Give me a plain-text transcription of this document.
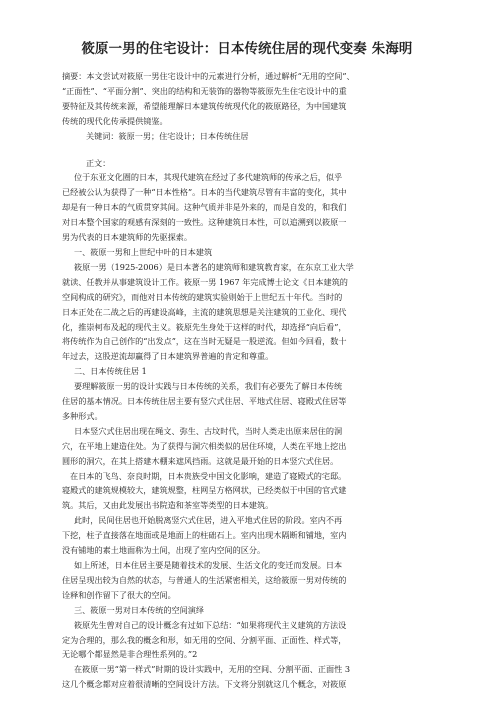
筱原一男的住宅设计：日本传统住居的现代变奏 朱海明

摘要：本文尝试对筱原一男住宅设计中的元素进行分析，通过解析“无用的空间”、
“正面性”、“平面分割”、突出的结构和无装饰的器物等筱原先生住宅设计中的重
要特征及其传统来源，希望能理解日本建筑传统现代化的筱原路径，为中国建筑
传统的现代化传承提供镜鉴。

关键词：筱原一男；住宅设计；日本传统住居

正文：

位于东亚文化圈的日本，其现代建筑在经过了多代建筑师的传承之后，似乎
已经被公认为获得了一种“日本性格”。日本的当代建筑尽管有丰富的变化，其中
却是有一种日本的气质贯穿其间。这种气质并非是外来的，而是自发的，和我们
对日本整个国家的观感有深刻的一致性。这种建筑日本性，可以追溯到以筱原一
男为代表的日本建筑师的先驱探索。

一、筱原一男和上世纪中叶的日本建筑

筱原一男（1925-2006）是日本著名的建筑师和建筑教育家，在东京工业大学
就读、任教并从事建筑设计工作。筱原一男 1967 年完成博士论文《日本建筑的
空间构成的研究》，而他对日本传统的建筑实验则始于上世纪五十年代。当时的
日本正处在二战之后的再建设高峰，主流的建筑思想是关注建筑的工业化、现代
化，推崇柯布及起的现代主义。筱原先生身处于这样的时代，却选择“向后看”，
将传统作为自己创作的“出发点”，这在当时无疑是一股逆流。但如今回看，数十
年过去，这股逆流却赢得了日本建筑界普遍的肯定和尊重。

二、日本传统住居 1

要理解筱原一男的设计实践与日本传统的关系，我们有必要先了解日本传统
住居的基本情况。日本传统住居主要有竖穴式住居、平地式住居、寝殿式住居等
多种形式。

日本竖穴式住居出现在绳文、弥生、古坟时代，当时人类走出原来居住的洞
穴，在平地上建造住处。为了获得与洞穴相类似的居住环境，人类在平地上挖出
圆形的洞穴，在其上搭建木棚来遮风挡雨。这就是最开始的日本竖穴式住居。

在日本的飞鸟、奈良时期，日本贵族受中国文化影响，建造了寝殿式的宅邸。
寝殿式的建筑规模较大，建筑规整，柱网呈方格网状，已经类似于中国的官式建
筑。其后，又由此发展出书院造和茶室等类型的日本建筑。

此时，民间住居也开始脱离竖穴式住居，进入平地式住居的阶段。室内不再
下挖，柱子直接落在地面或是地面上的柱础石上。室内出现木隔断和铺地，室内
没有铺地的素土地面称为土间，出现了室内空间的区分。

如上所述，日本住居主要是随着技术的发展、生活文化的变迁而发展。日本
住居呈现出较为自然的状态，与普通人的生活紧密相关，这给筱原一男对传统的
诠释和创作留下了很大的空间。

三、筱原一男对日本传统的空间演绎

筱原先生曾对自己的设计概念有过如下总结：“如果将现代主义建筑的方法设
定为合理的，那么我的概念和形，如无用的空间、分割平面、正面性、样式等，
无论哪个都显然是非合理性系列的。”2

在筱原一男“第一样式”时期的设计实践中，无用的空间、分割平面、正面性 3
这几个概念都对应着很清晰的空间设计方法。下文将分别就这几个概念，对筱原
